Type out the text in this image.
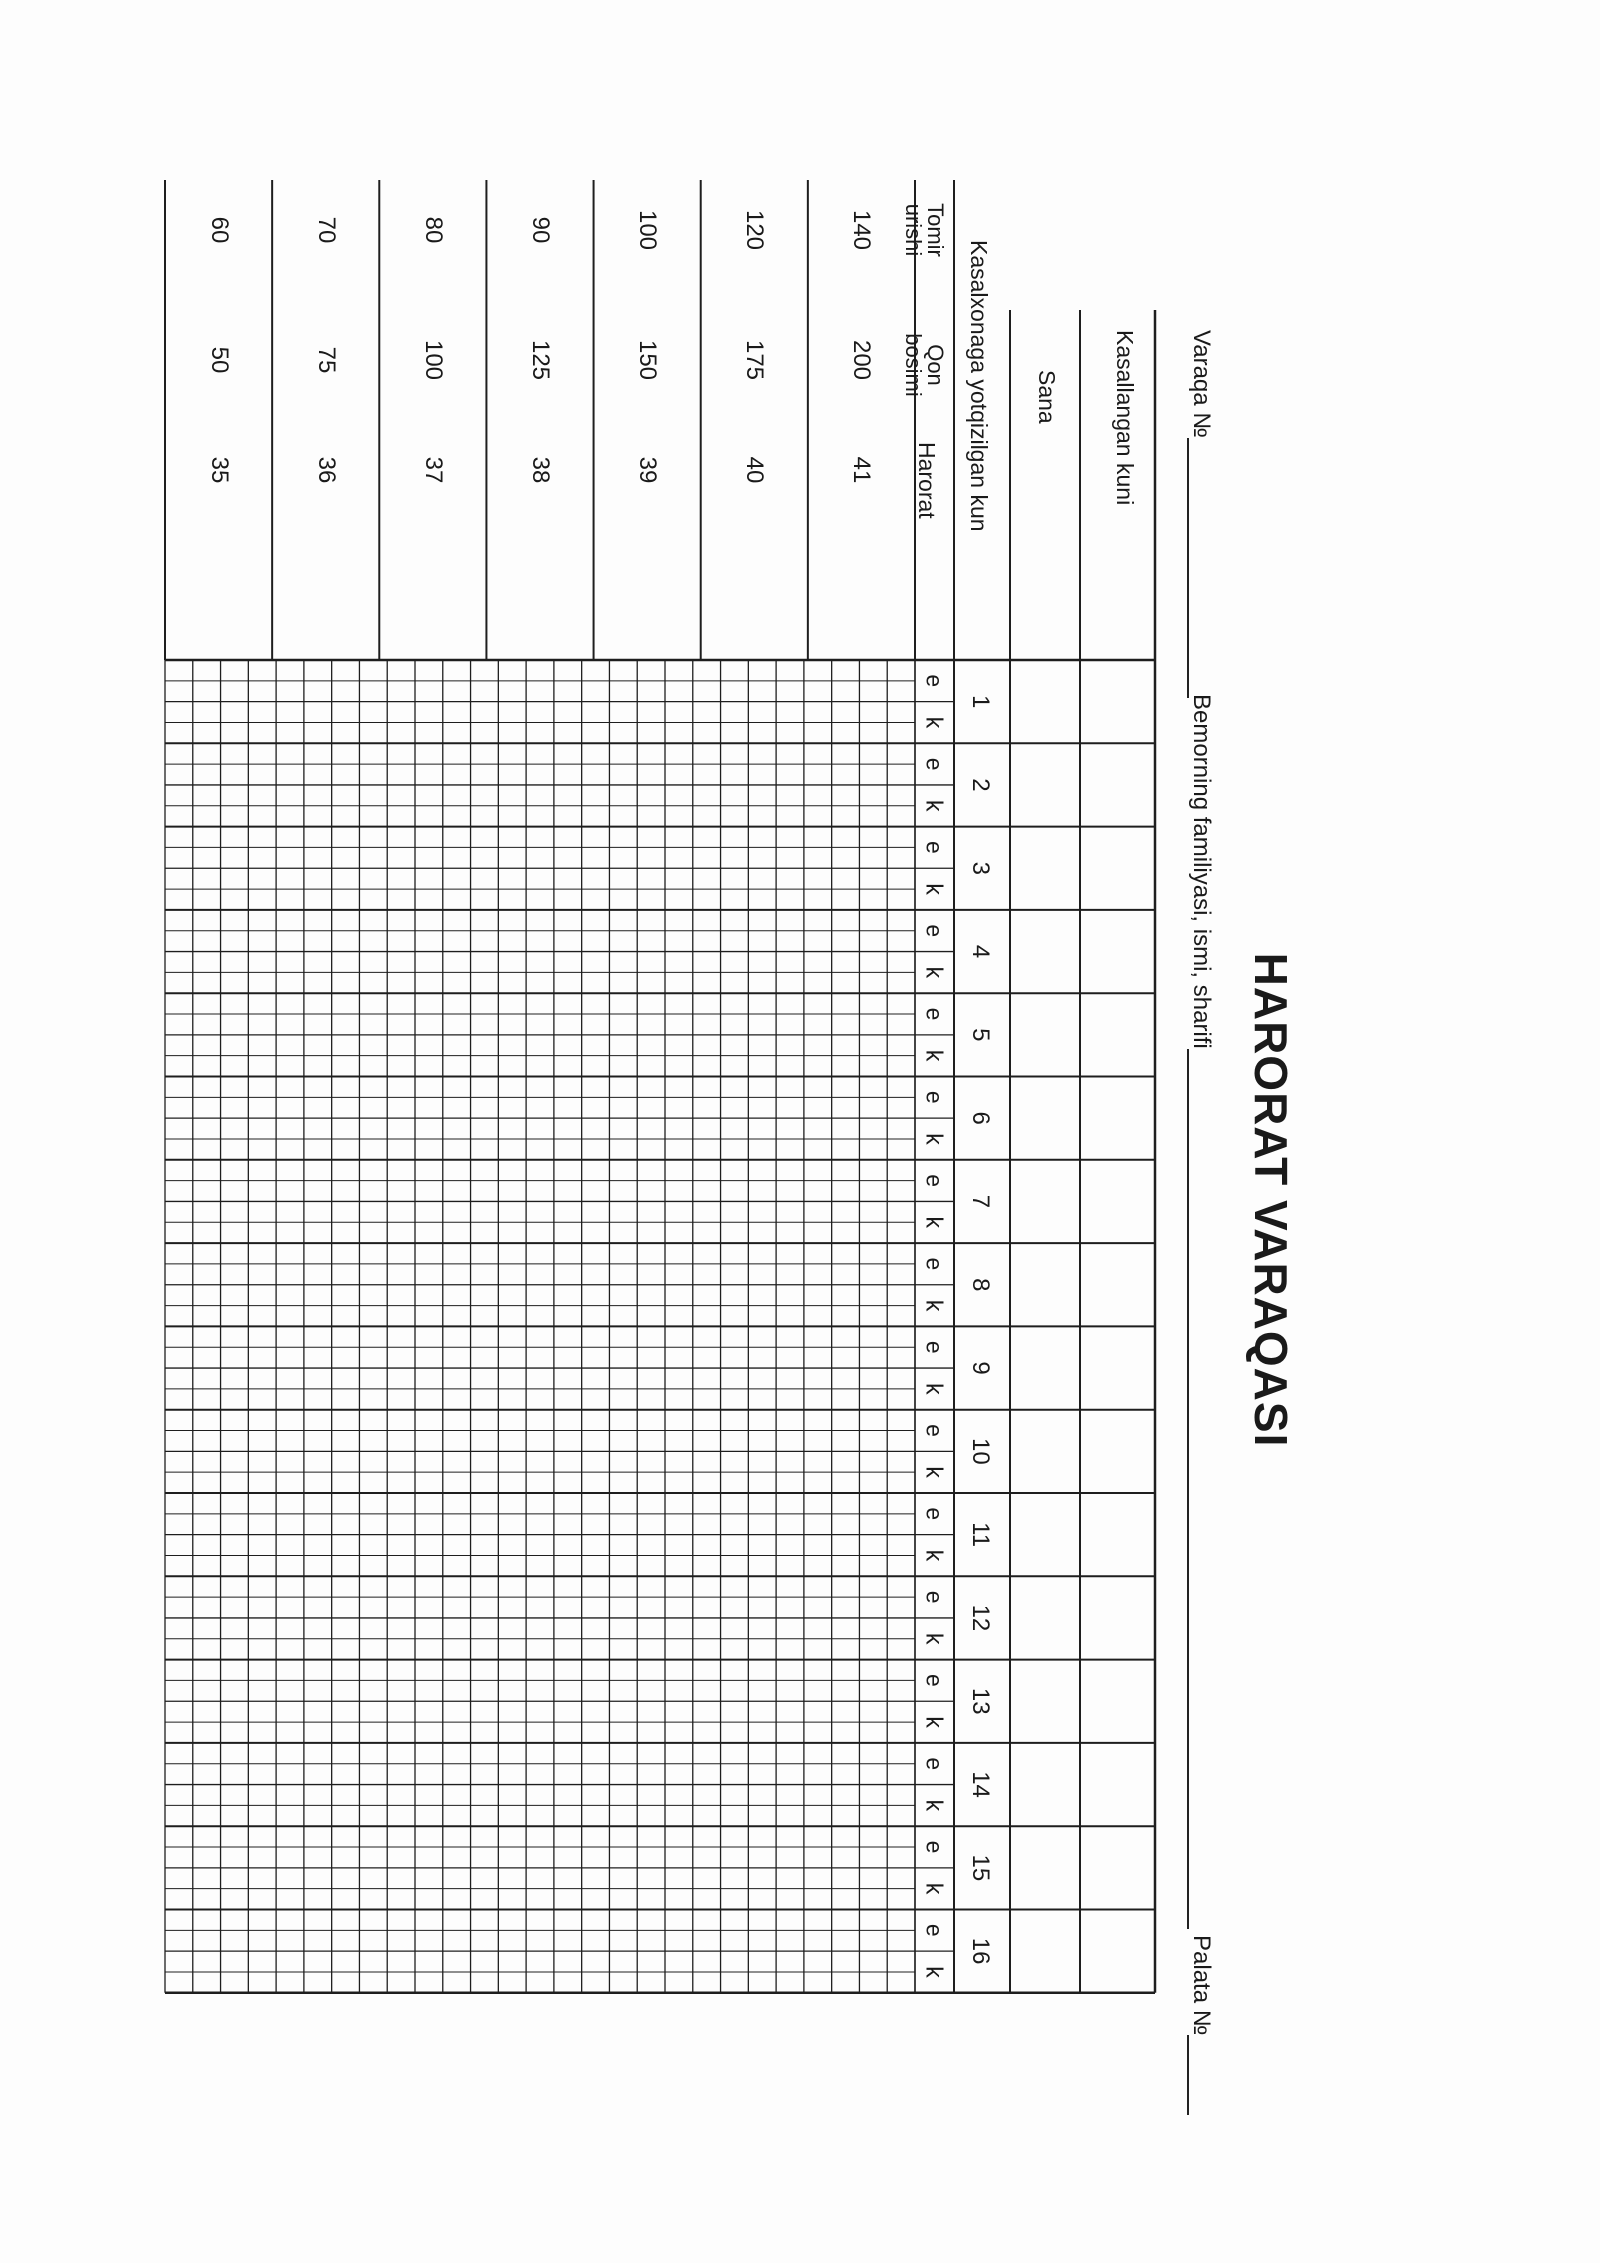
HARORAT VARAQASI
Varaqa №
Bemorning familiyasi, ismi, sharifi
Palata №
Kasallangan kuni
Sana
Kasalxonaga yotqizilgan kun
Tomir
urishi
Qon
bosimi
Harorat
1
e
k
2
e
k
3
e
k
4
e
k
5
e
k
6
e
k
7
e
k
8
e
k
9
e
k
10
e
k
11
e
k
12
e
k
13
e
k
14
e
k
15
e
k
16
e
k
140
200
41
120
175
40
100
150
39
90
125
38
80
100
37
70
75
36
60
50
35
